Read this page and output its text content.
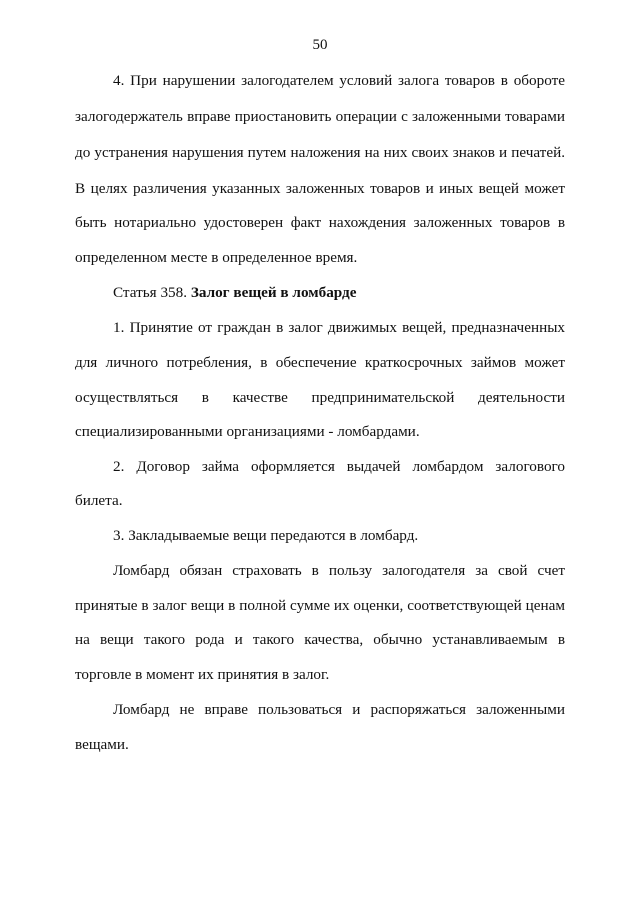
50
4. При нарушении залогодателем условий залога товаров в обороте
залогодержатель вправе приостановить операции с заложенными товарами
до устранения нарушения путем наложения на них своих знаков и печатей.
В целях различения указанных заложенных товаров и иных вещей может
быть нотариально удостоверен факт нахождения заложенных товаров в
определенном месте в определенное время.
Статья 358. Залог вещей в ломбарде
1. Принятие от граждан в залог движимых вещей, предназначенных
для личного потребления, в обеспечение краткосрочных займов может
осуществляться в качестве предпринимательской деятельности
специализированными организациями - ломбардами.
2. Договор займа оформляется выдачей ломбардом залогового
билета.
3. Закладываемые вещи передаются в ломбард.
Ломбард обязан страховать в пользу залогодателя за свой счет
принятые в залог вещи в полной сумме их оценки, соответствующей ценам
на вещи такого рода и такого качества, обычно устанавливаемым в
торговле в момент их принятия в залог.
Ломбард не вправе пользоваться и распоряжаться заложенными
вещами.
